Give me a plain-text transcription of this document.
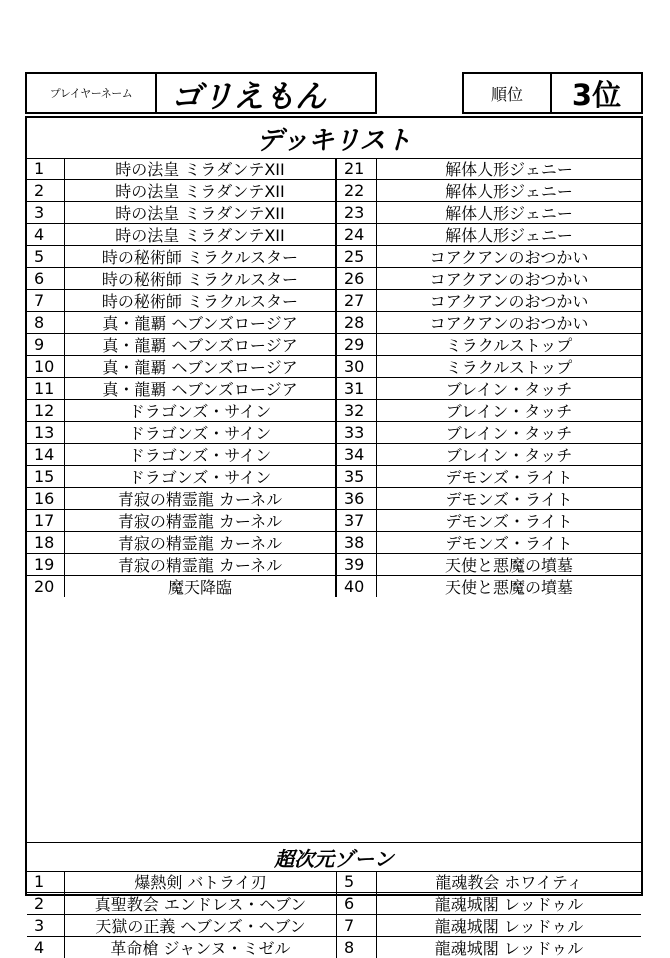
プレイヤーネーム	ゴリえもん	順位	3位
デッキリスト
1	時の法皇 ミラダンテXII	21	解体人形ジェニー
2	時の法皇 ミラダンテXII	22	解体人形ジェニー
3	時の法皇 ミラダンテXII	23	解体人形ジェニー
4	時の法皇 ミラダンテXII	24	解体人形ジェニー
5	時の秘術師 ミラクルスター	25	コアクアンのおつかい
6	時の秘術師 ミラクルスター	26	コアクアンのおつかい
7	時の秘術師 ミラクルスター	27	コアクアンのおつかい
8	真・龍覇 ヘブンズロージア	28	コアクアンのおつかい
9	真・龍覇 ヘブンズロージア	29	ミラクルストップ
10	真・龍覇 ヘブンズロージア	30	ミラクルストップ
11	真・龍覇 ヘブンズロージア	31	ブレイン・タッチ
12	ドラゴンズ・サイン	32	ブレイン・タッチ
13	ドラゴンズ・サイン	33	ブレイン・タッチ
14	ドラゴンズ・サイン	34	ブレイン・タッチ
15	ドラゴンズ・サイン	35	デモンズ・ライト
16	青寂の精霊龍 カーネル	36	デモンズ・ライト
17	青寂の精霊龍 カーネル	37	デモンズ・ライト
18	青寂の精霊龍 カーネル	38	デモンズ・ライト
19	青寂の精霊龍 カーネル	39	天使と悪魔の墳墓
20	魔天降臨	40	天使と悪魔の墳墓
超次元ゾーン
1	爆熱剣 バトライ刃	5	龍魂教会 ホワイティ
2	真聖教会 エンドレス・ヘブン	6	龍魂城閣 レッドゥル
3	天獄の正義 ヘブンズ・ヘブン	7	龍魂城閣 レッドゥル
4	革命槍 ジャンヌ・ミゼル	8	龍魂城閣 レッドゥル
